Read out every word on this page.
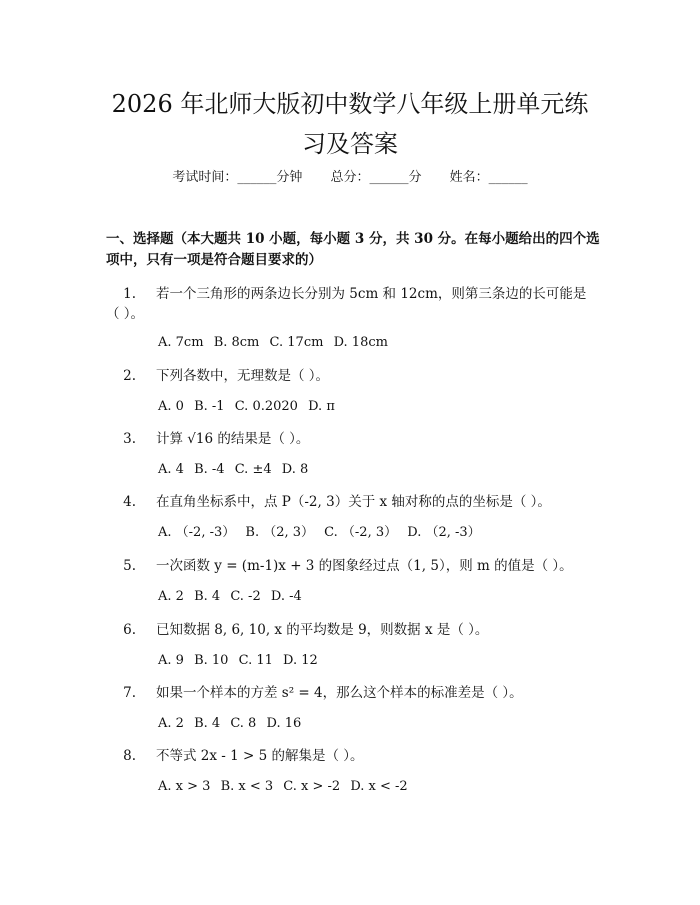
2026 年北师大版初中数学八年级上册单元练
习及答案
考试时间：______分钟 总分：______分 姓名：______
一、选择题（本大题共 10 小题，每小题 3 分，共 30 分。在每小题给出的四个选
项中，只有一项是符合题目要求的）
1. 若一个三角形的两条边长分别为 5cm 和 12cm，则第三条边的长可能是
（ ）。
A. 7cm B. 8cm C. 17cm D. 18cm
2. 下列各数中，无理数是（ ）。
A. 0 B. -1 C. 0.2020 D. π
3. 计算 √16 的结果是（ ）。
A. 4 B. -4 C. ±4 D. 8
4. 在直角坐标系中，点 P（-2, 3）关于 x 轴对称的点的坐标是（ ）。
A. （-2, -3） B. （2, 3） C. （-2, 3） D. （2, -3）
5. 一次函数 y = (m-1)x + 3 的图象经过点（1, 5），则 m 的值是（ ）。
A. 2 B. 4 C. -2 D. -4
6. 已知数据 8, 6, 10, x 的平均数是 9，则数据 x 是（ ）。
A. 9 B. 10 C. 11 D. 12
7. 如果一个样本的方差 s² = 4，那么这个样本的标准差是（ ）。
A. 2 B. 4 C. 8 D. 16
8. 不等式 2x - 1 > 5 的解集是（ ）。
A. x > 3 B. x < 3 C. x > -2 D. x < -2
